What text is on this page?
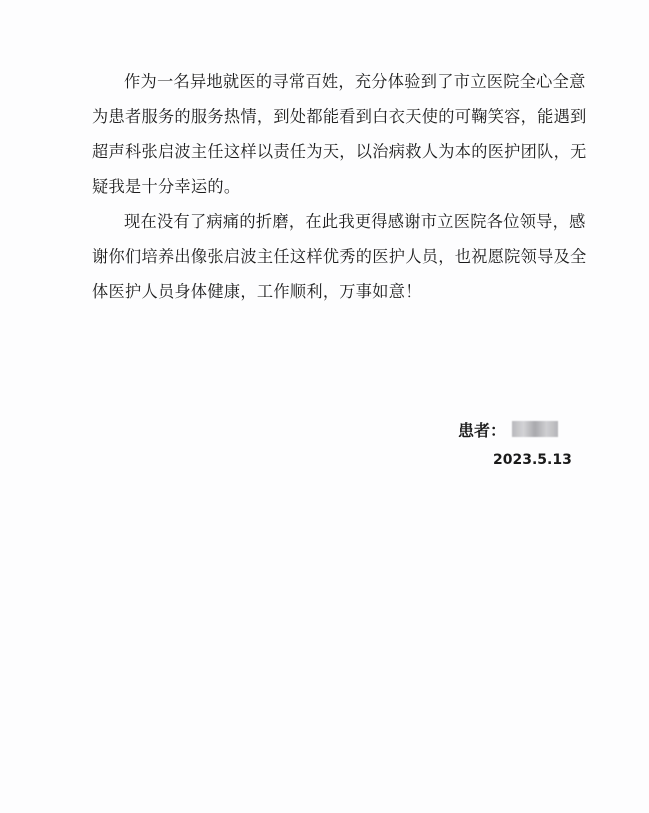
作为一名异地就医的寻常百姓，充分体验到了市立医院全心全意
为患者服务的服务热情，到处都能看到白衣天使的可鞠笑容，能遇到
超声科张启波主任这样以责任为天，以治病救人为本的医护团队，无
疑我是十分幸运的。
现在没有了病痛的折磨，在此我更得感谢市立医院各位领导，感
谢你们培养出像张启波主任这样优秀的医护人员，也祝愿院领导及全
体医护人员身体健康，工作顺利，万事如意！
患者：
2023.5.13
